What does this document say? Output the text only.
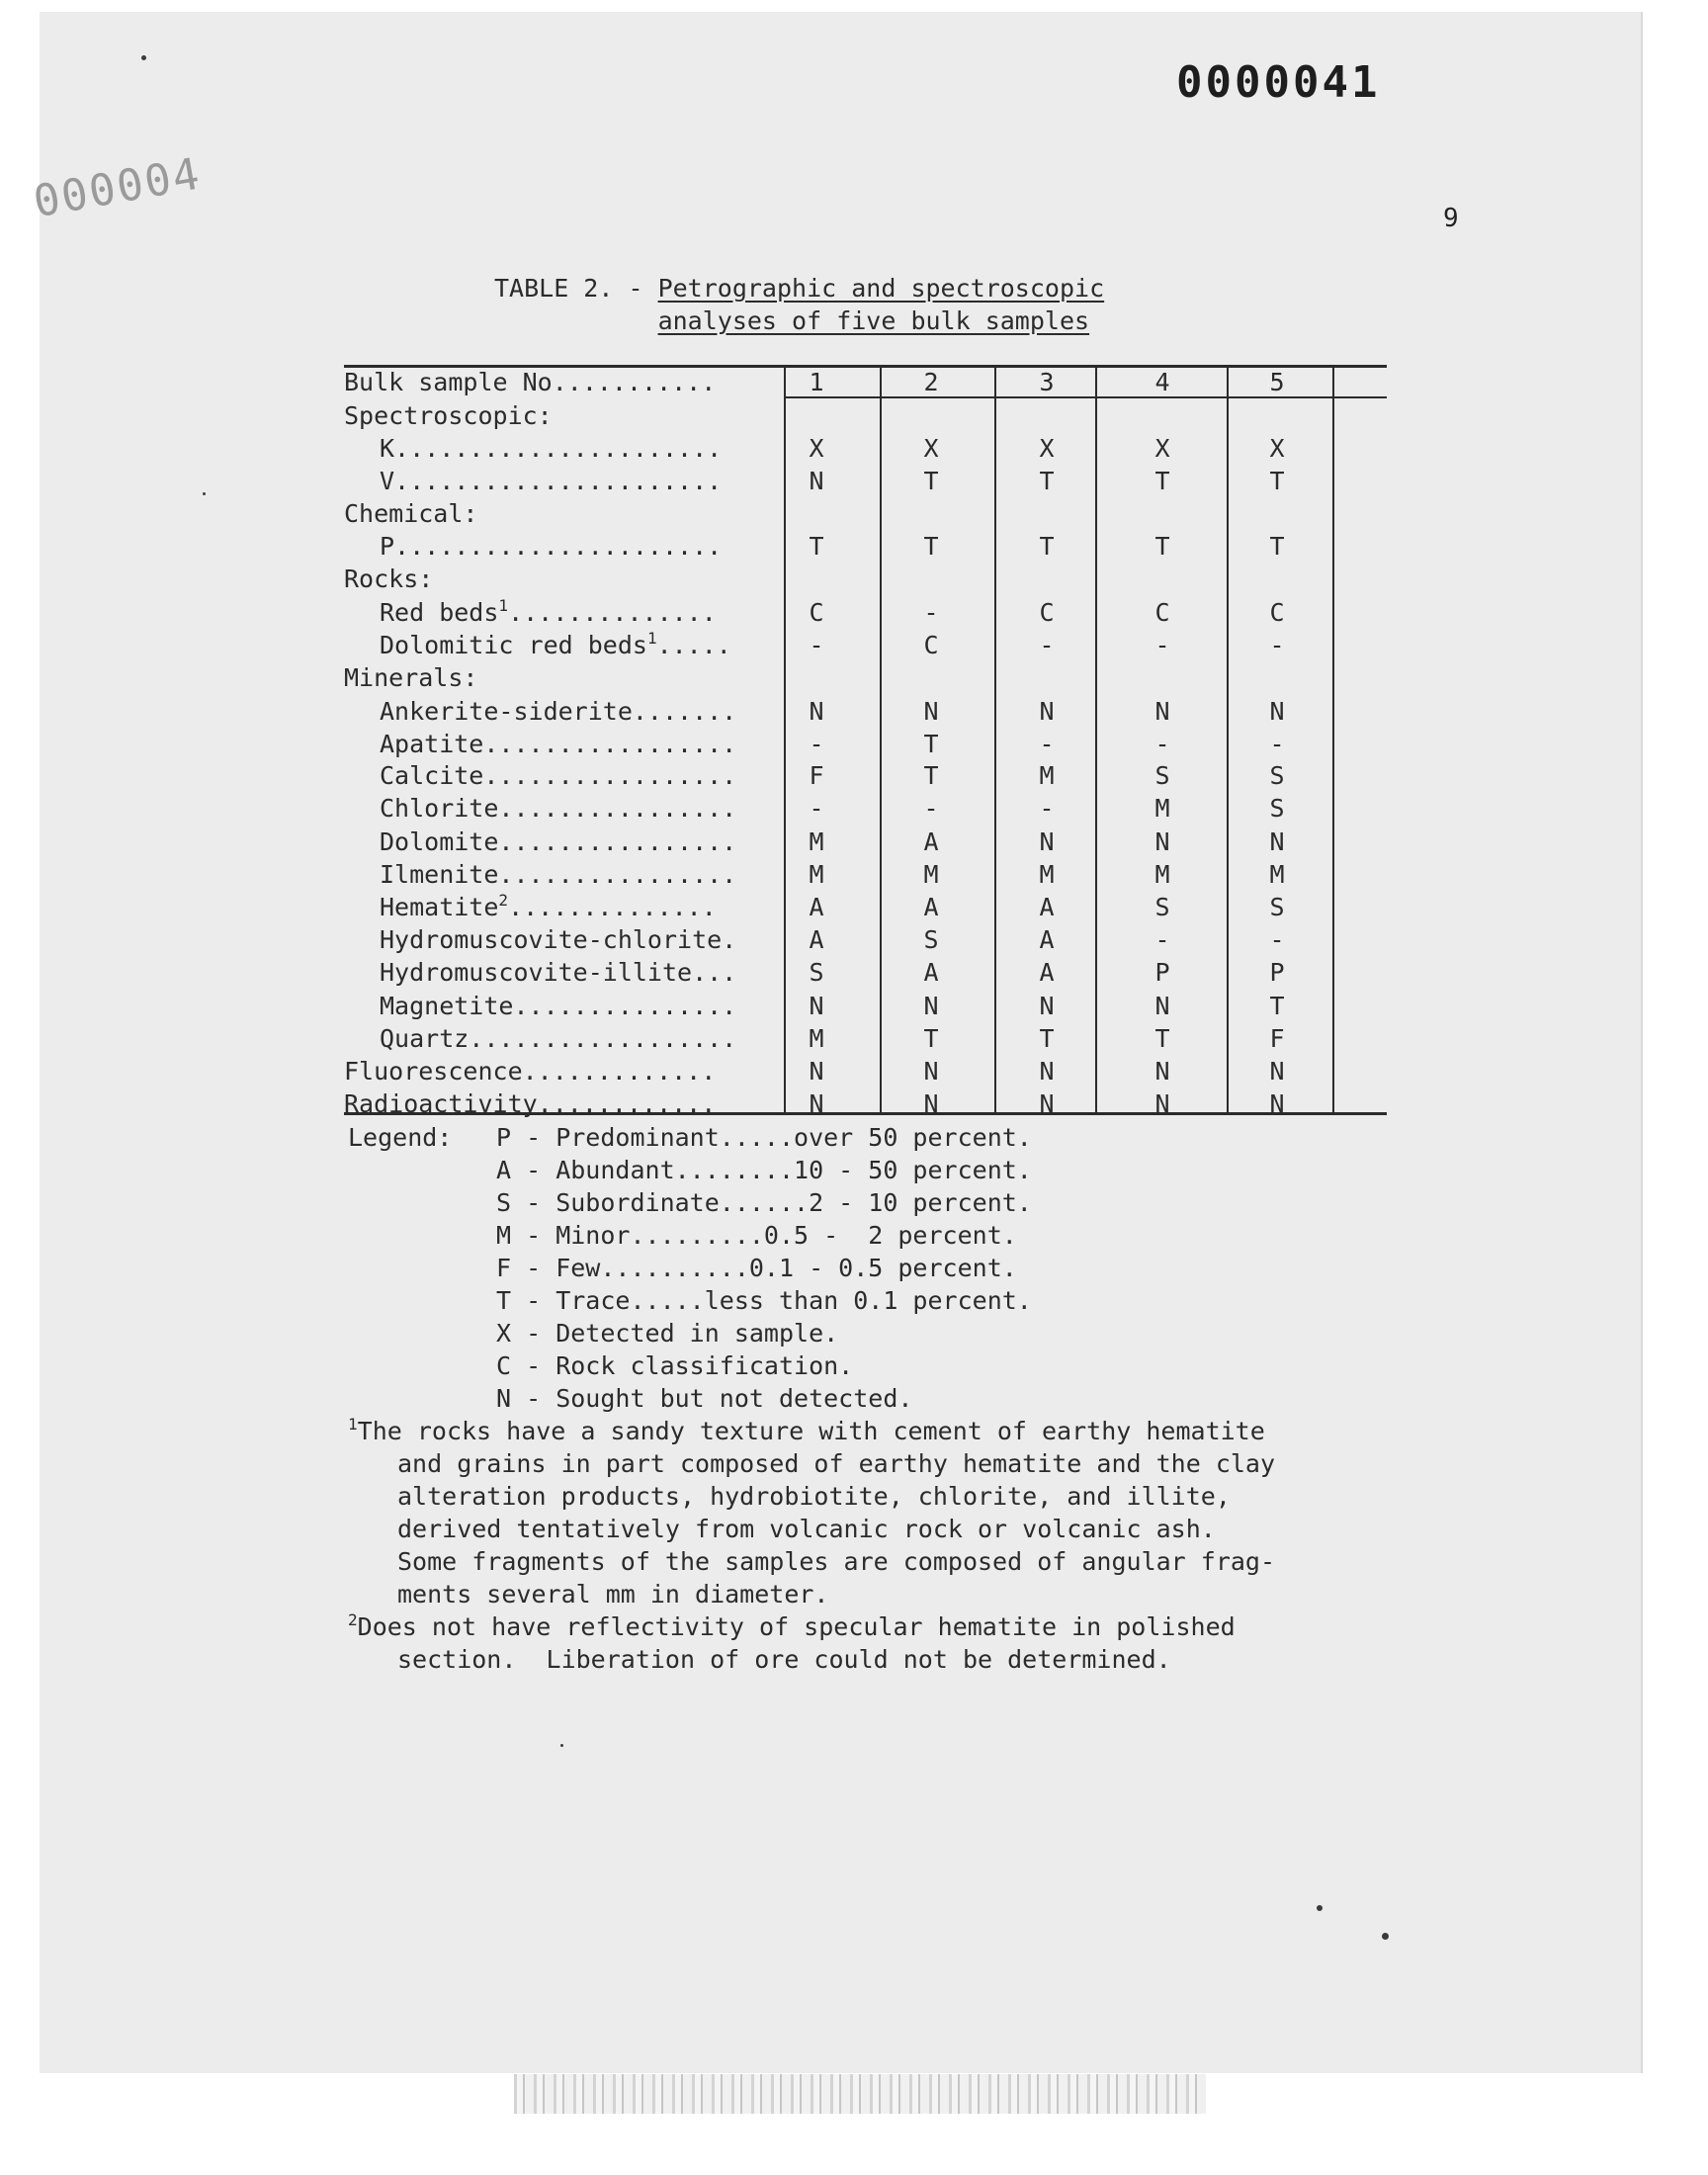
0000041
000004	9
TABLE 2. - Petrographic and spectroscopic
analyses of five bulk samples
Bulk sample No...........	1	2	3	4	5
Spectroscopic:
K......................	X	X	X	X	X
V......................	N	T	T	T	T
Chemical:
P......................	T	T	T	T	T
Rocks:
Red beds$^1$..............	C	-	C	C	C
Dolomitic red beds$^1$.....	-	C	-	-	-
Minerals:
Ankerite-siderite.......	N	N	N	N	N
Apatite.................	-	T	-	-	-
Calcite.................	F	T	M	S	S
Chlorite................	-	-	-	M	S
Dolomite................	M	A	N	N	N
Ilmenite................	M	M	M	M	M
Hematite$^2$..............	A	A	A	S	S
Hydromuscovite-chlorite.	A	S	A	-	-
Hydromuscovite-illite...	S	A	A	P	P
Magnetite...............	N	N	N	N	T
Quartz..................	M	T	T	T	F
Fluorescence.............	N	N	N	N	N
Radioactivity............	N	N	N	N	N
Legend: P - Predominant.....over 50 percent.
A - Abundant........10 - 50 percent.
S - Subordinate......2 - 10 percent.
M - Minor.........0.5 -  2 percent.
F - Few..........0.1 - 0.5 percent.
T - Trace.....less than 0.1 percent.
X - Detected in sample.
C - Rock classification.
N - Sought but not detected.
$^1$The rocks have a sandy texture with cement of earthy hematite
and grains in part composed of earthy hematite and the clay
alteration products, hydrobiotite, chlorite, and illite,
derived tentatively from volcanic rock or volcanic ash.
Some fragments of the samples are composed of angular frag-
ments several mm in diameter.
$^2$Does not have reflectivity of specular hematite in polished
section.  Liberation of ore could not be determined.
